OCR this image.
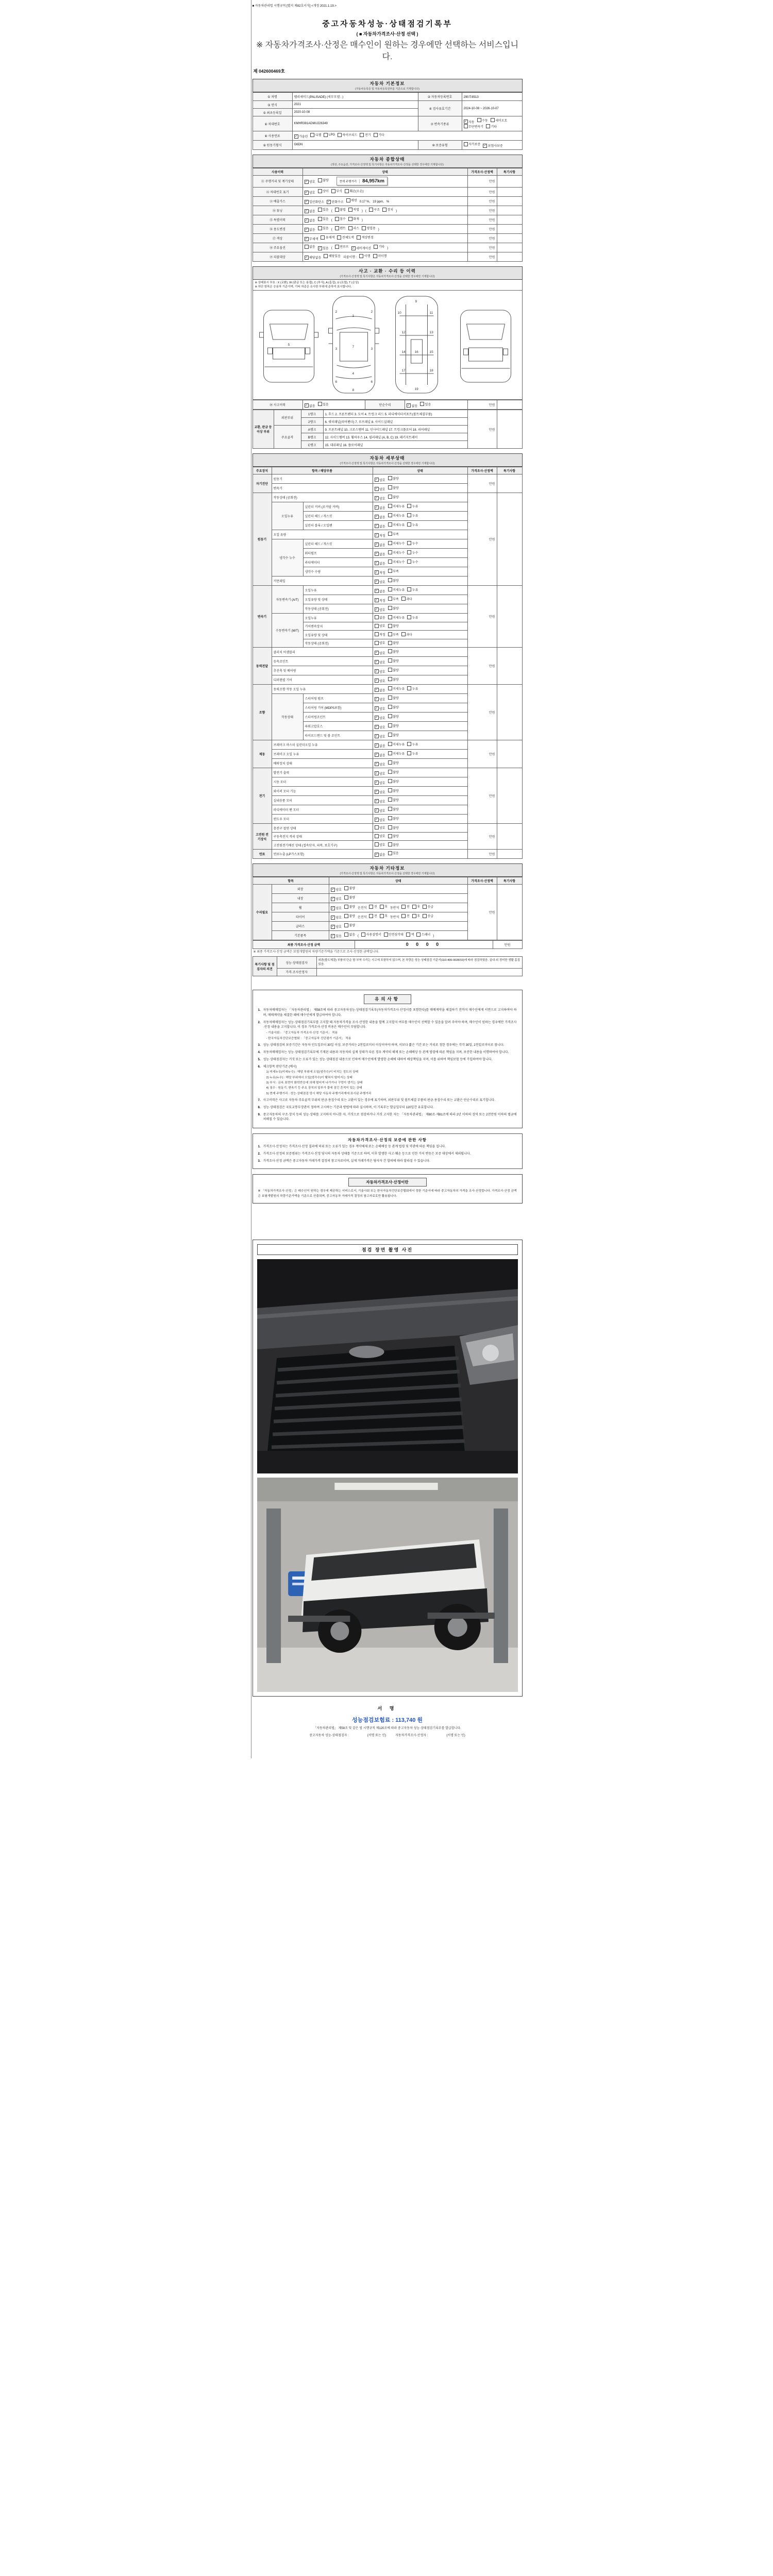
■ 자동차관리법 시행규칙 [별지 제82호서식] <개정 2021.1.19.>
중고자동차성능·상태점검기록부
( ■ 자동차가격조사·산정 선택 )
※ 자동차가격조사·산정은 매수인이 원하는 경우에만 선택하는 서비스입니다.
제 042600469호
자동차 기본정보
(자동차등록증 및 자동차등록원부를 기준으로 기재합니다)
① 차명	펠리세이드(PALISADE) (세부모델 : )	② 자동차등록번호	290무8513
③ 연식	2021	④ 검사유효기간	2024-10-08 ~ 2026-10-07
⑤ 최초등록일	2020-10-08		
⑥ 차대번호	KMHR381ADMU226349	⑦ 변속기종류	
✓ 자동 수동 세미오토
무단변속기 기타

⑧ 사용연료	✓ 가솔린 디젤 LPG 하이브리드 전기 기타

⑨ 원동기형식	G6DN	⑩ 보증유형	자가보증 ✓ 보험사보증
자동차 종합상태
(색상, 주요옵션, 가격조사·산정액 및 특기사항은 자동차가격조사·산정을 선택한 경우에만 기재합니다)
사용이력	상태	가격조사·산정액	특기사항
⑪ 주행거리 및 계기상태	✓ 양호 불량 현재 주행거리 84,957km	만원	
⑫ 차대번호 표기	✓ 양호 상이 부식 훼손(오손)	만원	
⑬ 배출가스	✓ 일산화탄소 ✓ 탄화수소 매연 0.17 %, 19 ppm, %	만원	
⑭ 튜닝	✓ 없음 있음 ( 불법 적법 ) ( 구조 장치 )	만원	
⑮ 특별이력	✓ 없음 있음 ( 침수 화재 )	만원	
⑯ 용도변경	✓ 없음 있음 ( 렌트 리스 영업용 )	만원	
⑰ 색상	✓ 무채색 유채색 전체도색 색상변경	만원	
⑱ 주요옵션	없음 ✓ 있음 ( 썬루프 ✓ 네비게이션 기타 )	만원	
⑲ 리콜대상	✓ 해당없음 해당있음 리콜이행 : 이행 미이행	만원	
사고 · 교환 · 수리 등 이력
(가격조사·산정액 및 특기사항은 자동차가격조사·산정을 선택한 경우에만 기재합니다)
※ 상태표시 부호 : X (교환), W (판금 또는 용접), C (부식), A (흠집), U (요철), T (손상)
※ 하단 항목은 승용차 기준이며, 기타 차종은 유사한 부위에 준하여 표시합니다.
5
1
7
4
2	2
3	3
6	6
8
9
10	11
12	13
14	15
16
17	18
19
⑳ 사고이력	✓ 없음 있음	단순수리	✓ 없음 있음	만원	
교환, 판금 등 이상 부위	외판부위	1랭크	1. 후드 2. 프론트펜더 3. 도어 4. 트렁크 리드 5. 라디에이터서포트(볼트체결부품)	만원	
		2랭크	6. 쿼터패널(리어펜더) 7. 루프패널 8. 사이드실패널		
	주요골격	A랭크	9. 프론트패널 10. 크로스멤버 11. 인사이드패널 17. 트렁크플로어 18. 리어패널		
		B랭크	12. 사이드멤버 13. 휠하우스 14. 필러패널 (A, B, C) 19. 패키지트레이		
		C랭크	15. 대쉬패널 16. 플로어패널		
자동차 세부상태
(가격조사·산정액 및 특기사항은 자동차가격조사·산정을 선택한 경우에만 기재합니다)
주요장치	항목 / 해당부품		상태	가격조사·산정액	특기사항
자기진단	원동기		✓ 양호 불량	만원	
	변속기		✓ 양호 불량		

원동기	작동상태 (공회전)		✓ 양호 불량	만원	
	오일누유	실린더 커버 (로커암 커버)	✓ 없음 미세누유 누유		

		실린더 헤드 / 개스킷	✓ 없음 미세누유 누유		

		실린더 블록 / 오일팬	✓ 없음 미세누유 누유		

	오일 유량		✓ 적정 부족		

	냉각수 누수	실린더 헤드 / 개스킷	✓ 없음 미세누수 누수		

		워터펌프	✓ 없음 미세누수 누수		

		라디에이터	✓ 없음 미세누수 누수		

		냉각수 수량	✓ 적정 부족		

	커먼레일		✓ 양호 불량		

변속기	자동변속기 (A/T)	오일누유	✓ 없음 미세누유 누유	만원	
		오일유량 및 상태	✓ 적정 부족 과다		

		작동상태 (공회전)	✓ 양호 불량		

	수동변속기 (M/T)	오일누유	없음 미세누유 누유		

		기어변속장치	양호 불량		

		오일유량 및 상태	적정 부족 과다		

		작동상태 (공회전)	양호 불량		

동력전달	클러치 어셈블리		✓ 양호 불량	만원	
	등속조인트		✓ 양호 불량		

	추진축 및 베어링		✓ 양호 불량		

	디퍼렌셜 기어		✓ 양호 불량		

조향	동력조향 작동 오일 누유		✓ 없음 미세누유 누유	만원	
	작동상태	스티어링 펌프	✓ 양호 불량		

		스티어링 기어 (MDPS포함)	✓ 양호 불량		

		스티어링조인트	✓ 양호 불량		

		파워고압호스	✓ 양호 불량		

		타이로드엔드 및 볼 조인트	✓ 양호 불량		

제동	브레이크 마스터 실린더오일 누유		✓ 없음 미세누유 누유	만원	
	브레이크 오일 누유		✓ 없음 미세누유 누유		

	배력장치 상태		✓ 양호 불량		

전기	발전기 출력		✓ 양호 불량	만원	
	시동 모터		✓ 양호 불량		

	와이퍼 모터 기능		✓ 양호 불량		

	실내송풍 모터		✓ 양호 불량		

	라디에이터 팬 모터		✓ 양호 불량		

	윈도우 모터		✓ 양호 불량		

고전원 전기장치	충전구 절연 상태		양호 불량	만원	
	구동축전지 격리 상태		양호 불량		

	고전원전기배선 상태 (접속단자, 피복, 보호기구)		양호 불량		

연료	연료누출 (LP가스포함)		✓ 없음 있음	만원	
자동차 기타정보
(가격조사·산정액 및 특기사항은 자동차가격조사·산정을 선택한 경우에만 기재합니다)
항목		상태	가격조사·산정액	특기사항
수리필요	외장	✓ 양호 불량	만원	
	내장	✓ 양호 불량		

휠	✓ 양호 불량 운전석 전 후 동반석 전 후 응급

타이어	✓ 양호 불량 운전석 전 후 동반석 전 후 응급

	글라스	✓ 양호 불량		

기본품목	✓ 있음 없음 ( 사용설명서 안전삼각대 잭 스패너 )
최종 가격조사·산정 금액	0 0 0 0	만원
※ 최종 가격조사·산정 금액은 보험개발원의 차량기준가액을 기준으로 조사·산정한 금액입니다.
특기사항 및 점검자의 의견	성능·상태점검자	외판(볼트체결) 부품의 단순 탈·부착 수리는 사고에 포함하지 않으며, 본 차량은 성능·상태점검 기준서(110-406-0028/10)에 따라 점검하였음. 실내·외 경미한 생활 흠집 있음.
	가격·조사산정자	
유의사항
1. 자동차매매업자는 「자동차관리법」 제58조에 따라 중고자동차성능·상태점검기록부(자동차가격조사·산정서를 포함한다)를 매매계약을 체결하기 전까지 매수인에게 서면으로 고지하여야 하며, 매매계약을 체결한 때에 매수인에게 발급하여야 합니다.
2. 자동차매매업자는 성능·상태점검기록부를 고지할 때 자동차가격을 조사·산정한 내용을 함께 고지할지 여부를 매수인이 선택할 수 있음을 알려 주어야 하며, 매수인이 원하는 경우에만 가격조사·산정 내용을 고지합니다. 이 경우 가격조사·산정 비용은 매수인이 부담합니다.
- 기술사회 : 「중고자동차 가격조사·산정 기준서」 적용
- 한국자동차진단보증협회 : 「중고자동차 진단평가 기준서」 적용
3. 성능·상태점검의 보증기간은 자동차 인도일부터 30일 이상, 보증거리는 2천킬로미터 이상이어야 하며, 이보다 짧은 기간 또는 거리로 정한 경우에는 각각 30일, 2천킬로미터로 봅니다.
4. 자동차매매업자는 성능·상태점검기록부에 기재된 내용과 자동차의 실제 상태가 다른 경우 계약의 해제 또는 손해배상 등 관계 법령에 따른 책임을 지며, 보증한 내용을 이행하여야 합니다.
5. 성능·상태점검자는 거짓 또는 오류가 있는 성능·상태점검 내용으로 인하여 매수인에게 발생한 손해에 대하여 배상책임을 지며, 이를 위하여 책임보험 등에 가입하여야 합니다.
6. 체크항목 판단기준 (예시)
1) 미세누유(미세누수) : 해당 부위에 오일(냉각수)이 비치는 정도의 상태
2) 누유(누수) : 해당 부위에서 오일(냉각수)이 맺혀서 떨어지는 상태
3) 부식 : 금속 표면이 화학반응에 의해 떨어져 나가거나 구멍이 생기는 상태
4) 침수 : 원동기, 변속기 등 주요 장치의 일부가 물에 잠긴 흔적이 있는 상태
5) 현재 주행거리 : 성능·상태점검 당시 해당 자동차 주행거리계에 표시된 주행거리
7. 사고이력은 사고로 자동차 주요골격 부위의 판금·용접수리 또는 교환이 있는 경우에 표기하며, 외판부위 및 볼트체결 부품의 판금·용접수리 또는 교환은 단순수리로 표기합니다.
8. 성능·상태점검은 국토교통부장관이 정하여 고시하는 기준과 방법에 따라 실시하며, 이 기록부는 발급일부터 120일간 유효합니다.
9. 중고자동차의 구조·장치 등의 성능·상태를 고지하지 아니한 자, 거짓으로 점검하거나 거짓 고지한 자는 「자동차관리법」 제80조·제81조에 따라 2년 이하의 징역 또는 2천만원 이하의 벌금에 처해질 수 있습니다.
자동차가격조사·산정의 보증에 관한 사항
1. 가격조사·산정자는 가격조사·산정 결과에 허위 또는 오류가 있는 경우 계약해제 또는 손해배상 등 관계 법령 및 약관에 따른 책임을 집니다.
2. 가격조사·산정의 보증범위는 가격조사·산정 당시의 자동차 상태를 기준으로 하며, 이후 발생한 사고·훼손 등으로 인한 가치 변동은 보증 대상에서 제외됩니다.
3. 가격조사·산정 금액은 중고자동차 거래가격 결정의 참고자료이며, 실제 거래가격은 당사자 간 합의에 따라 달라질 수 있습니다.
자동차가격조사·산정이란
※ 「자동차가격조사·산정」은 매수인이 원하는 경우에 제공하는 서비스로서, 기술사회 또는 한국자동차진단보증협회에서 정한 기준서에 따라 중고자동차의 가격을 조사·산정합니다. 가격조사·산정 금액은 보험개발원의 차량기준가액을 기준으로 산출되며, 중고자동차 거래가격 결정의 참고자료로만 활용됩니다.
점검 장면 촬영 사진
서 명
성능점검보험료 : 113,740 원
「자동차관리법」 제58조 및 같은 법 시행규칙 제120조에 따라 중고자동차 성능·상태점검기록부를 발급합니다.
중고자동차 성능·상태점검자 :　　　　　　(서명 또는 인)　　　자동차가격조사·산정자 :　　　　　　(서명 또는 인)
